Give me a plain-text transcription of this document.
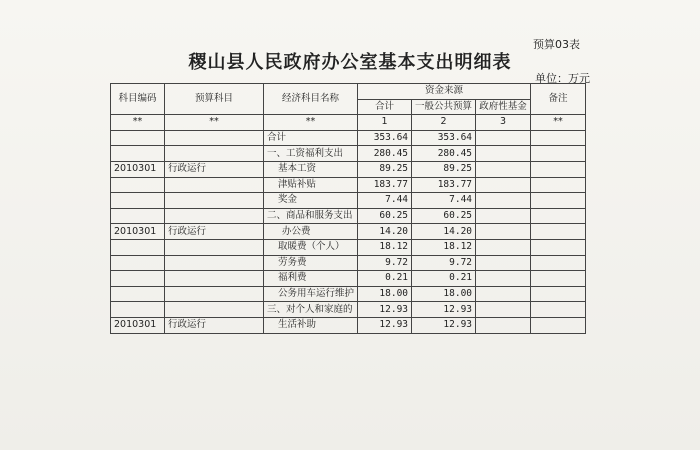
预算03表
稷山县人民政府办公室基本支出明细表
单位：万元
科目编码	预算科目	经济科目名称	资金来源			备注
			合计	一般公共预算	政府性基金	
**	**	**	1	2	3	**
		合计	353.64	353.64		
		一、工资福利支出	280.45	280.45		
2010301	行政运行	基本工资	89.25	89.25		
		津贴补贴	183.77	183.77		
		奖金	7.44	7.44		
		二、商品和服务支出	60.25	60.25		
2010301	行政运行	办公费	14.20	14.20		
		取暖费（个人）	18.12	18.12		
		劳务费	9.72	9.72		
		福利费	0.21	0.21		
		公务用车运行维护	18.00	18.00		
		三、对个人和家庭的	12.93	12.93		
2010301	行政运行	生活补助	12.93	12.93		
